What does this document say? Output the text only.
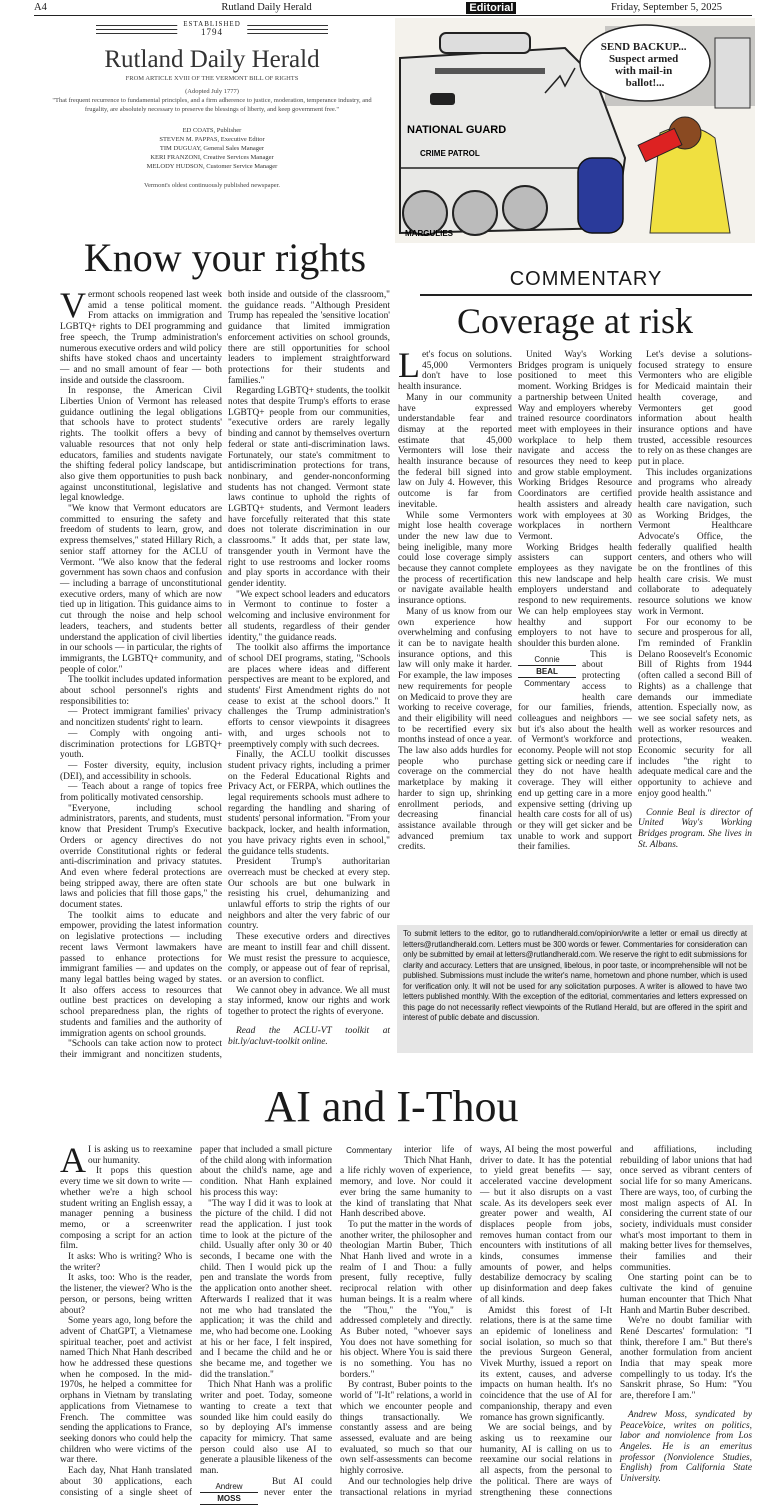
A4	Rutland Daily Herald	Editorial	Friday, September 5, 2025
ESTABLISHED
1794
Rutland Daily Herald
FROM ARTICLE XVIII OF THE VERMONT BILL OF RIGHTS
(Adopted July 1777)
"That frequent recurrence to fundamental principles, and a firm adherence to justice, moderation, temperance industry, and frugality, are absolutely necessary to preserve the blessings of liberty, and keep government free."
ED COATS, Publisher
STEVEN M. PAPPAS, Executive Editor
TIM DUGUAY, General Sales Manager
KERI FRANZONI, Creative Services Manager
MELODY HUDSON, Customer Service Manager
Vermont's oldest continuously published newspaper.
SEND BACKUP... Suspect armed with mail-in ballot!...
NATIONAL GUARD
CRIME PATROL
MARGULIES
Know your rights

Vermont schools reopened last week amid a tense political moment. From attacks on immigration and LGBTQ+ rights to DEI programming and free speech, the Trump administration's numerous executive orders and wild policy shifts have stoked chaos and uncertainty — and no small amount of fear — both inside and outside the classroom.

In response, the American Civil Liberties Union of Vermont has released guidance outlining the legal obligations that schools have to protect students' rights. The toolkit offers a bevy of valuable resources that not only help educators, families and students navigate the shifting federal policy landscape, but also give them opportunities to push back against unconstitutional, legislative and legal knowledge.

"We know that Vermont educators are committed to ensuring the safety and freedom of students to learn, grow, and express themselves," stated Hillary Rich, a senior staff attorney for the ACLU of Vermont. "We also know that the federal government has sown chaos and confusion — including a barrage of unconstitutional executive orders, many of which are now tied up in litigation. This guidance aims to cut through the noise and help school leaders, teachers, and students better understand the application of civil liberties in our schools — in particular, the rights of immigrants, the LGBTQ+ community, and people of color."

The toolkit includes updated information about school personnel's rights and responsibilities to:

— Protect immigrant families' privacy and noncitizen students' right to learn.

— Comply with ongoing anti-discrimination protections for LGBTQ+ youth.

— Foster diversity, equity, inclusion (DEI), and accessibility in schools.

— Teach about a range of topics free from politically motivated censorship.

"Everyone, including school administrators, parents, and students, must know that President Trump's Executive Orders or agency directives do not override Constitutional rights or federal anti-discrimination and privacy statutes. And even where federal protections are being stripped away, there are often state laws and policies that fill those gaps," the document states.

The toolkit aims to educate and empower, providing the latest information on legislative protections — including recent laws Vermont lawmakers have passed to enhance protections for immigrant families — and updates on the many legal battles being waged by states. It also offers access to resources that outline best practices on developing a school preparedness plan, the rights of students and families and the authority of immigration agents on school grounds.

"Schools can take action now to protect their immigrant and noncitizen students, both inside and outside of the classroom," the guidance reads. "Although President Trump has repealed the 'sensitive location' guidance that limited immigration enforcement activities on school grounds, there are still opportunities for school leaders to implement straightforward protections for their students and families."

Regarding LGBTQ+ students, the toolkit notes that despite Trump's efforts to erase LGBTQ+ people from our communities, "executive orders are rarely legally binding and cannot by themselves overturn federal or state anti-discrimination laws. Fortunately, our state's commitment to antidiscrimination protections for trans, nonbinary, and gender-nonconforming students has not changed. Vermont state laws continue to uphold the rights of LGBTQ+ students, and Vermont leaders have forcefully reiterated that this state does not tolerate discrimination in our classrooms." It adds that, per state law, transgender youth in Vermont have the right to use restrooms and locker rooms and play sports in accordance with their gender identity.

"We expect school leaders and educators in Vermont to continue to foster a welcoming and inclusive environment for all students, regardless of their gender identity," the guidance reads.

The toolkit also affirms the importance of school DEI programs, stating, "Schools are places where ideas and different perspectives are meant to be explored, and students' First Amendment rights do not cease to exist at the school doors." It challenges the Trump administration's efforts to censor viewpoints it disagrees with, and urges schools not to preemptively comply with such decrees.

Finally, the ACLU toolkit discusses student privacy rights, including a primer on the Federal Educational Rights and Privacy Act, or FERPA, which outlines the legal requirements schools must adhere to regarding the handling and sharing of students' personal information. "From your backpack, locker, and health information, you have privacy rights even in school," the guidance tells students.

President Trump's authoritarian overreach must be checked at every step. Our schools are but one bulwark in resisting his cruel, dehumanizing and unlawful efforts to strip the rights of our neighbors and alter the very fabric of our country.

These executive orders and directives are meant to instill fear and chill dissent. We must resist the pressure to acquiesce, comply, or appease out of fear of reprisal, or an aversion to conflict.

We cannot obey in advance. We all must stay informed, know our rights and work together to protect the rights of everyone.

Read the ACLU-VT toolkit at bit.ly/acluvt-toolkit online.

COMMENTARY
Coverage at risk

Let's focus on solutions. 45,000 Vermonters don't have to lose health insurance.

Many in our community have expressed understandable fear and dismay at the reported estimate that 45,000 Vermonters will lose their health insurance because of the federal bill signed into law on July 4. However, this outcome is far from inevitable.

While some Vermonters might lose health coverage under the new law due to being ineligible, many more could lose coverage simply because they cannot complete the process of recertification or navigate available health insurance options.

Many of us know from our own experience how overwhelming and confusing it can be to navigate health insurance options, and this law will only make it harder. For example, the law imposes new requirements for people on Medicaid to prove they are working to receive coverage, and their eligibility will need to be recertified every six months instead of once a year. The law also adds hurdles for people who purchase coverage on the commercial marketplace by making it harder to sign up, shrinking enrollment periods, and decreasing financial assistance available through advanced premium tax credits.

United Way's Working Bridges program is uniquely positioned to meet this moment. Working Bridges is a partnership between United Way and employers whereby trained resource coordinators meet with employees in their workplace to help them navigate and access the resources they need to keep and grow stable employment. Working Bridges Resource Coordinators are certified health assisters and already work with employees at 30 workplaces in northern Vermont.

Working Bridges health assisters can support employees as they navigate this new landscape and help employers understand and respond to new requirements. We can help employees stay healthy and support employers to not have to shoulder this burden alone.

Connie
BEAL
Commentary
This is about protecting access to health care for our families, friends, colleagues and neighbors — but it's also about the health of Vermont's workforce and economy. People will not stop getting sick or needing care if they do not have health coverage. They will either end up getting care in a more expensive setting (driving up health care costs for all of us) or they will get sicker and be unable to work and support their families.

Let's devise a solutions-focused strategy to ensure Vermonters who are eligible for Medicaid maintain their health coverage, and Vermonters get good information about health insurance options and have trusted, accessible resources to rely on as these changes are put in place.

This includes organizations and programs who already provide health assistance and health care navigation, such as Working Bridges, the Vermont Healthcare Advocate's Office, the federally qualified health centers, and others who will be on the frontlines of this health care crisis. We must collaborate to adequately resource solutions we know work in Vermont.

For our economy to be secure and prosperous for all, I'm reminded of Franklin Delano Roosevelt's Economic Bill of Rights from 1944 (often called a second Bill of Rights) as a challenge that demands our immediate attention. Especially now, as we see social safety nets, as well as worker resources and protections, weaken. Economic security for all includes "the right to adequate medical care and the opportunity to achieve and enjoy good health."

Connie Beal is director of United Way's Working Bridges program. She lives in St. Albans.

To submit letters to the editor, go to rutlandherald.com/opinion/write a letter or email us directly at letters@rutlandherald.com. Letters must be 300 words or fewer. Commentaries for consideration can only be submitted by email at letters@rutlandherald.com. We reserve the right to edit submissions for clarity and accuracy. Letters that are unsigned, libelous, in poor taste, or incomprehensible will not be published. Submissions must include the writer's name, hometown and phone number, which is used for verification only. It will not be used for any solicitation purposes. A writer is allowed to have two letters published monthly. With the exception of the editorial, commentaries and letters expressed on this page do not necessarily reflect viewpoints of the Rutland Herald, but are offered in the spirit and interest of public debate and discussion.
AI and I-Thou

AI is asking us to reexamine our humanity.

It pops this question every time we sit down to write — whether we're a high school student writing an English essay, a manager penning a business memo, or a screenwriter composing a script for an action film.

It asks: Who is writing? Who is the writer?

It asks, too: Who is the reader, the listener, the viewer? Who is the person, or persons, being written about?

Some years ago, long before the advent of ChatGPT, a Vietnamese spiritual teacher, poet and activist named Thich Nhat Hanh described how he addressed these questions when he composed. In the mid-1970s, he helped a committee for orphans in Vietnam by translating applications from Vietnamese to French. The committee was sending the applications to France, seeking donors who could help the children who were victims of the war there.

Each day, Nhat Hanh translated about 30 applications, each consisting of a single sheet of paper that included a small picture of the child along with information about the child's name, age and condition. Nhat Hanh explained his process this way:

"The way I did it was to look at the picture of the child. I did not read the application. I just took time to look at the picture of the child. Usually after only 30 or 40 seconds, I became one with the child. Then I would pick up the pen and translate the words from the application onto another sheet. Afterwards I realized that it was not me who had translated the application; it was the child and me, who had become one. Looking at his or her face, I felt inspired, and I became the child and he or she became me, and together we did the translation."

Thich Nhat Hanh was a prolific writer and poet. Today, someone wanting to create a text that sounded like him could easily do so by deploying AI's immense capacity for mimicry. That same person could also use AI to generate a plausible likeness of the man.

Andrew
MOSS
Commentary
But AI could never enter the interior life of Thich Nhat Hanh, a life richly woven of experience, memory, and love. Nor could it ever bring the same humanity to the kind of translating that Nhat Hanh described above.

To put the matter in the words of another writer, the philosopher and theologian Martin Buber, Thich Nhat Hanh lived and wrote in a realm of I and Thou: a fully present, fully receptive, fully reciprocal relation with other human beings. It is a realm where the "Thou," the "You," is addressed completely and directly. As Buber noted, "whoever says You does not have something for his object. Where You is said there is no something. You has no borders."

By contrast, Buber points to the world of "I-It" relations, a world in which we encounter people and things transactionally. We constantly assess and are being assessed, evaluate and are being evaluated, so much so that our own self-assessments can become highly corrosive.

And our technologies help drive transactional relations in myriad ways, AI being the most powerful driver to date. It has the potential to yield great benefits — say, accelerated vaccine development — but it also disrupts on a vast scale. As its developers seek ever greater power and wealth, AI displaces people from jobs, removes human contact from our encounters with institutions of all kinds, consumes immense amounts of power, and helps destabilize democracy by scaling up disinformation and deep fakes of all kinds.

Amidst this forest of I-It relations, there is at the same time an epidemic of loneliness and social isolation, so much so that the previous Surgeon General, Vivek Murthy, issued a report on its extent, causes, and adverse impacts on human health. It's no coincidence that the use of AI for companionship, therapy and even romance has grown significantly.

We are social beings, and by asking us to reexamine our humanity, AI is calling on us to reexamine our social relations in all aspects, from the personal to the political. There are ways of strengthening these connections and affiliations, including rebuilding of labor unions that had once served as vibrant centers of social life for so many Americans. There are ways, too, of curbing the most malign aspects of AI. In considering the current state of our society, individuals must consider what's most important to them in making better lives for themselves, their families and their communities.

One starting point can be to cultivate the kind of genuine human encounter that Thich Nhat Hanh and Martin Buber described.

We're no doubt familiar with René Descartes' formulation: "I think, therefore I am." But there's another formulation from ancient India that may speak more compellingly to us today. It's the Sanskrit phrase, So Hum: "You are, therefore I am."

Andrew Moss, syndicated by PeaceVoice, writes on politics, labor and nonviolence from Los Angeles. He is an emeritus professor (Nonviolence Studies, English) from California State University.
